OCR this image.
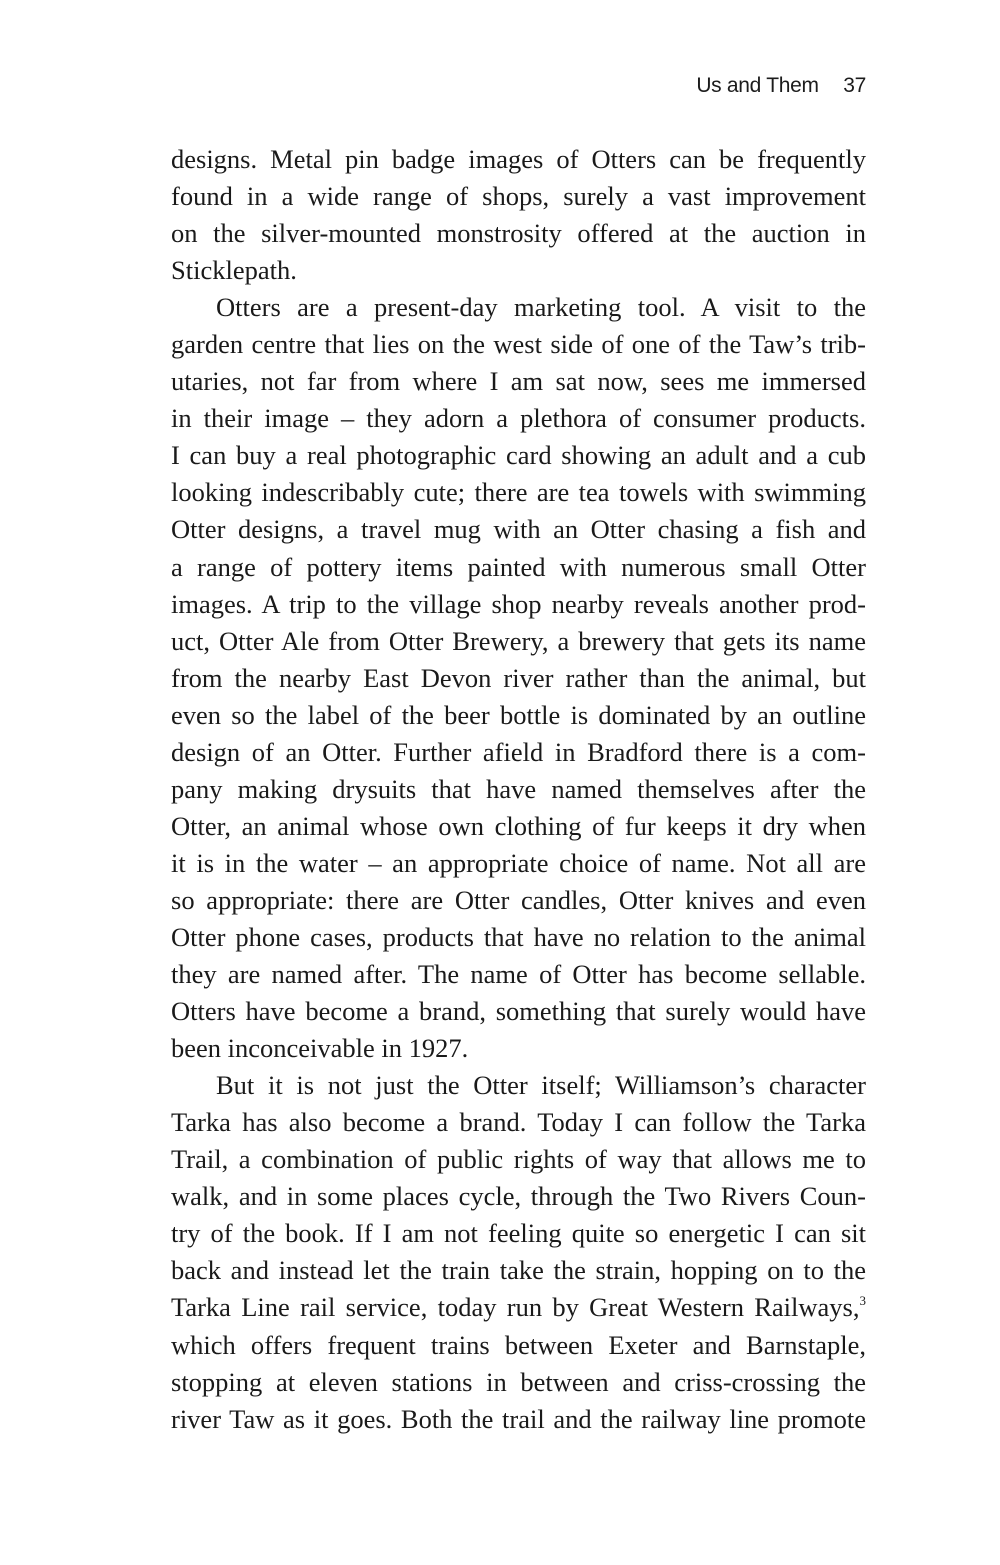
Us and Them 37

designs. Metal pin badge images of Otters can be frequently
found in a wide range of shops, surely a vast improvement
on the silver-mounted monstrosity offered at the auction in
Sticklepath.

Otters are a present-day marketing tool. A visit to the
garden centre that lies on the west side of one of the Taw’s trib-
utaries, not far from where I am sat now, sees me immersed
in their image – they adorn a plethora of consumer products.
I can buy a real photographic card showing an adult and a cub
looking indescribably cute; there are tea towels with swimming
Otter designs, a travel mug with an Otter chasing a fish and
a range of pottery items painted with numerous small Otter
images. A trip to the village shop nearby reveals another prod-
uct, Otter Ale from Otter Brewery, a brewery that gets its name
from the nearby East Devon river rather than the animal, but
even so the label of the beer bottle is dominated by an outline
design of an Otter. Further afield in Bradford there is a com-
pany making drysuits that have named themselves after the
Otter, an animal whose own clothing of fur keeps it dry when
it is in the water – an appropriate choice of name. Not all are
so appropriate: there are Otter candles, Otter knives and even
Otter phone cases, products that have no relation to the animal
they are named after. The name of Otter has become sellable.
Otters have become a brand, something that surely would have
been inconceivable in 1927.

But it is not just the Otter itself; Williamson’s character
Tarka has also become a brand. Today I can follow the Tarka
Trail, a combination of public rights of way that allows me to
walk, and in some places cycle, through the Two Rivers Coun-
try of the book. If I am not feeling quite so energetic I can sit
back and instead let the train take the strain, hopping on to the
Tarka Line rail service, today run by Great Western Railways,$^3$
which offers frequent trains between Exeter and Barnstaple,
stopping at eleven stations in between and criss-crossing the
river Taw as it goes. Both the trail and the railway line promote
